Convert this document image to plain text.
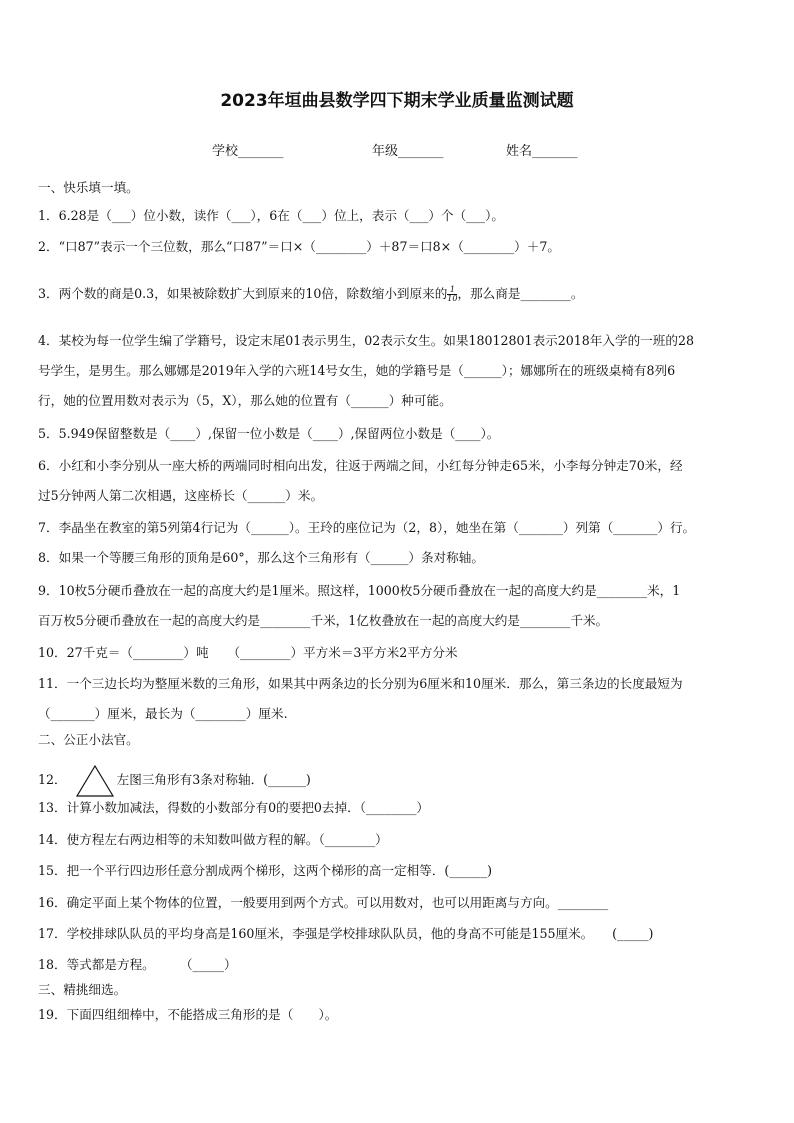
2023年垣曲县数学四下期末学业质量监测试题
学校_______	年级_______	姓名_______
一、快乐填一填。
1．6.28是（___）位小数，读作（___），6在（___）位上，表示（___）个（___）。
2．“口87”表示一个三位数，那么“口87”＝口×（________）＋87＝口8×（________）＋7。
3．两个数的商是0.3，如果被除数扩大到原来的10倍，除数缩小到原来的 $\frac{1}{10}$ ，那么商是________。
4．某校为每一位学生编了学籍号，设定末尾01表示男生，02表示女生。如果18012801表示2018年入学的一班的28
号学生，是男生。那么娜娜是2019年入学的六班14号女生，她的学籍号是（______）；娜娜所在的班级桌椅有8列6
行，她的位置用数对表示为（5，X），那么她的位置有（______）种可能。
5．5.949保留整数是（____）,保留一位小数是（____）,保留两位小数是（____）。
6．小红和小李分别从一座大桥的两端同时相向出发，往返于两端之间，小红每分钟走65米，小李每分钟走70米，经
过5分钟两人第二次相遇，这座桥长（______）米。
7．李晶坐在教室的第5列第4行记为（______）。王玲的座位记为（2，8），她坐在第（_______）列第（_______）行。
8．如果一个等腰三角形的顶角是60°，那么这个三角形有（______）条对称轴。
9．10枚5分硬币叠放在一起的高度大约是1厘米。照这样，1000枚5分硬币叠放在一起的高度大约是________米，1
百万枚5分硬币叠放在一起的高度大约是________千米，1亿枚叠放在一起的高度大约是________千米。
10．27千克＝（________）吨　　（________）平方米＝3平方米2平方分米
11．一个三边长均为整厘米数的三角形，如果其中两条边的长分别为6厘米和10厘米．那么，第三条边的长度最短为
（_______）厘米，最长为（________）厘米.
二、公正小法官。
12．	左图三角形有3条对称轴．(______)
13．计算小数加减法，得数的小数部分有0的要把0去掉．（________）
14．使方程左右两边相等的未知数叫做方程的解。（________）
15．把一个平行四边形任意分割成两个梯形，这两个梯形的高一定相等．(______)
16．确定平面上某个物体的位置，一般要用到两个方式。可以用数对，也可以用距离与方向。________
17．学校排球队队员的平均身高是160厘米，李强是学校排球队队员，他的身高不可能是155厘米。　　(_____)
18．等式都是方程。　　　（_____）
三、精挑细选。
19．下面四组细棒中，不能搭成三角形的是（　　）。
